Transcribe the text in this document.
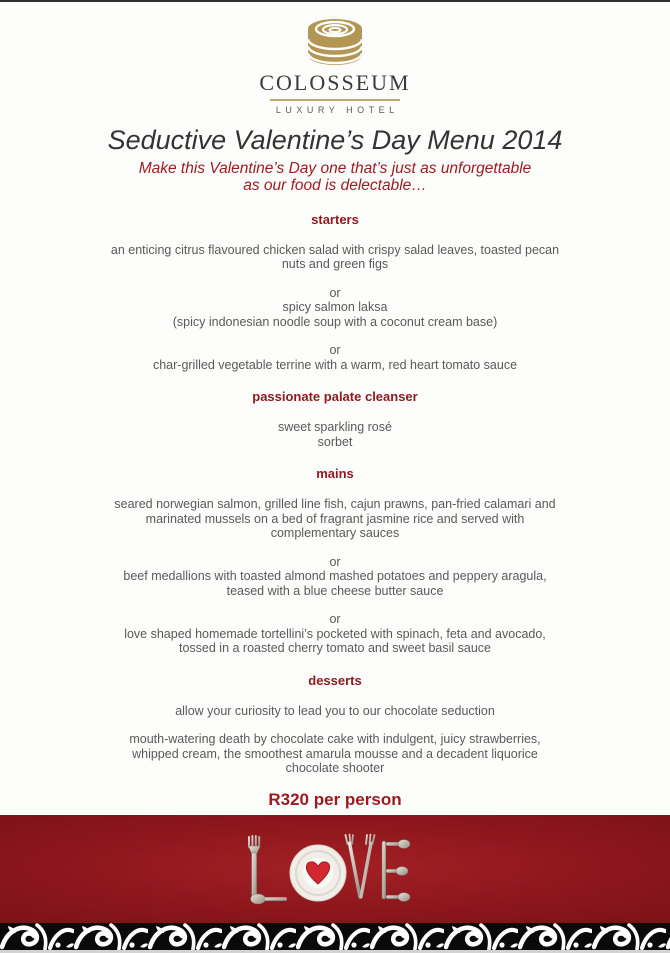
COLOSSEUM
LUXURY HOTEL
Seductive Valentine’s Day Menu 2014
Make this Valentine’s Day one that’s just as unforgettable
as our food is delectable…
starters

an enticing citrus flavoured chicken salad with crispy salad leaves, toasted pecan
nuts and green figs

or
spicy salmon laksa
(spicy indonesian noodle soup with a coconut cream base)

or
char-grilled vegetable terrine with a warm, red heart tomato sauce

passionate palate cleanser

sweet sparkling rosé
sorbet

mains

seared norwegian salmon, grilled line fish, cajun prawns, pan-fried calamari and
marinated mussels on a bed of fragrant jasmine rice and served with
complementary sauces

or
beef medallions with toasted almond mashed potatoes and peppery aragula,
teased with a blue cheese butter sauce

or
love shaped homemade tortellini’s pocketed with spinach, feta and avocado,
tossed in a roasted cherry tomato and sweet basil sauce

desserts

allow your curiosity to lead you to our chocolate seduction

mouth-watering death by chocolate cake with indulgent, juicy strawberries,
whipped cream, the smoothest amarula mousse and a decadent liquorice
chocolate shooter

R320 per person
